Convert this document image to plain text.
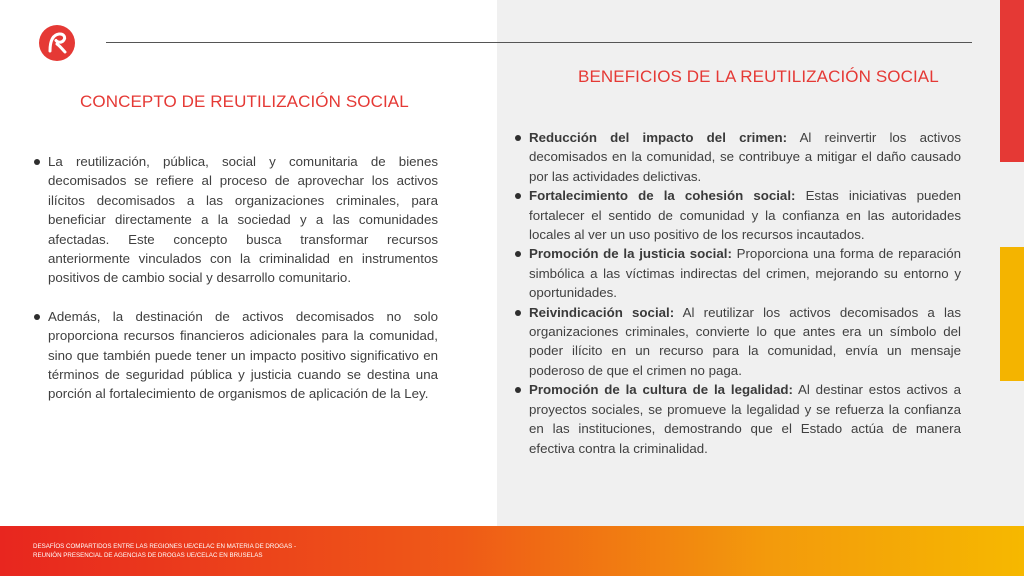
CONCEPTO DE REUTILIZACIÓN SOCIAL
La reutilización, pública, social y comunitaria de bienes decomisados se refiere al proceso de aprovechar los activos ilícitos decomisados a las organizaciones criminales, para beneficiar directamente a la sociedad y a las comunidades afectadas. Este concepto busca transformar recursos anteriormente vinculados con la criminalidad en instrumentos positivos de cambio social y desarrollo comunitario.
Además, la destinación de activos decomisados no solo proporciona recursos financieros adicionales para la comunidad, sino que también puede tener un impacto positivo significativo en términos de seguridad pública y justicia cuando se destina una porción al fortalecimiento de organismos de aplicación de la Ley.
BENEFICIOS DE LA REUTILIZACIÓN SOCIAL
Reducción del impacto del crimen: Al reinvertir los activos decomisados en la comunidad, se contribuye a mitigar el daño causado por las actividades delictivas.
Fortalecimiento de la cohesión social: Estas iniciativas pueden fortalecer el sentido de comunidad y la confianza en las autoridades locales al ver un uso positivo de los recursos incautados.
Promoción de la justicia social: Proporciona una forma de reparación simbólica a las víctimas indirectas del crimen, mejorando su entorno y oportunidades.
Reivindicación social: Al reutilizar los activos decomisados a las organizaciones criminales, convierte lo que antes era un símbolo del poder ilícito en un recurso para la comunidad, envía un mensaje poderoso de que el crimen no paga.
Promoción de la cultura de la legalidad: Al destinar estos activos a proyectos sociales, se promueve la legalidad y se refuerza la confianza en las instituciones, demostrando que el Estado actúa de manera efectiva contra la criminalidad.
DESAFÍOS COMPARTIDOS ENTRE LAS REGIONES UE/CELAC EN MATERIA DE DROGAS -
REUNIÓN PRESENCIAL DE AGENCIAS DE DROGAS UE/CELAC EN BRUSELAS
